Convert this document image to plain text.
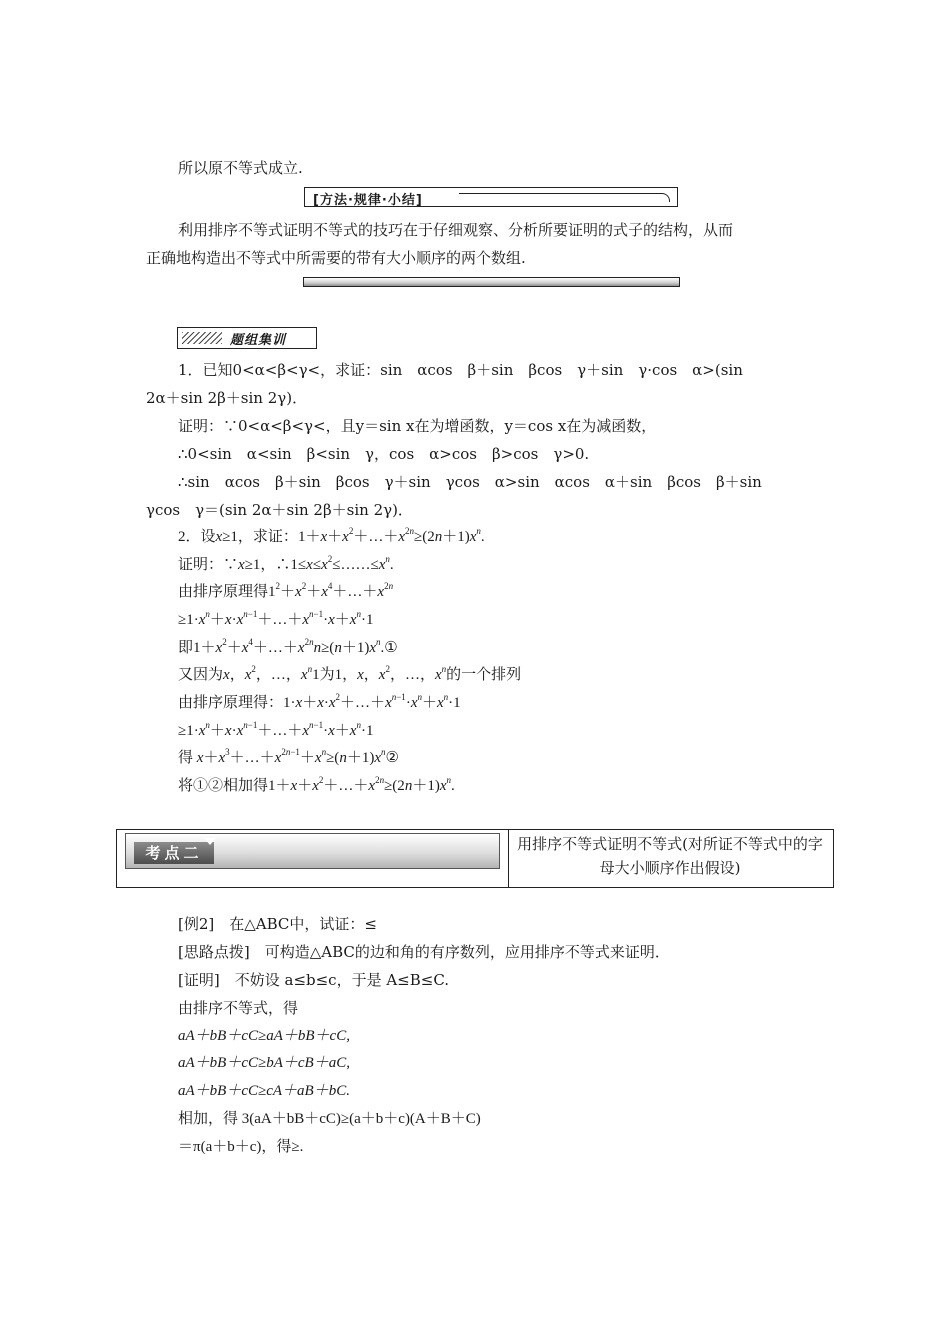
所以原不等式成立.
[方法·规律·小结]
利用排序不等式证明不等式的技巧在于仔细观察、分析所要证明的式子的结构，从而
正确地构造出不等式中所需要的带有大小顺序的两个数组.
题组集训
1．已知0<α<β<γ<，求证：sin　αcos　β＋sin　βcos　γ＋sin　γ·cos　α>(sin
2α＋sin 2β＋sin 2γ)．
证明：∵0<α<β<γ<，且y＝sin x在为增函数，y＝cos x在为减函数，
∴0<sin　α<sin　β<sin　γ，cos　α>cos　β>cos　γ>0.
∴sin　αcos　β＋sin　βcos　γ＋sin　γcos　α>sin　αcos　α＋sin　βcos　β＋sin
γcos　γ＝(sin 2α＋sin 2β＋sin 2γ)．
2．设x≥1，求证：$1+x+x^2+\dots+x^{2n}\ge(2n+1)x^n$.
证明：∵x≥1，$\therefore 1\le x\le x^2\le\dots\dots\le x^n$.
由排序原理得$1^2+x^2+x^4+\dots+x^{2n}$
$\ge 1\cdot x^n+x\cdot x^{n-1}+\dots+x^{n-1}\cdot x+x^n\cdot 1$
即$1+x^2+x^4+\dots+x^{2n}n\ge(n+1)x^n.①$
又因为x，$x^2$，…，$x^n1$为1，x，$x^2$，…，$x^n$的一个排列
由排序原理得：$1\cdot x+x\cdot x^2+\dots+x^{n-1}\cdot x^n+x^n\cdot 1$
$\ge 1\cdot x^n+x\cdot x^{n-1}+\dots+x^{n-1}\cdot x+x^n\cdot 1$
得 $x+x^3+\dots+x^{2n-1}+x^n\ge(n+1)x^n②$
将①②相加得$1+x+x^2+\dots+x^{2n}\ge(2n+1)x^n$.
考点二	用排序不等式证明不等式(对所证不等式中的字母大小顺序作出假设)
[例2]　 在△ABC中，试证：≤
[思路点拨]　 可构造△ABC的边和角的有序数列，应用排序不等式来证明．
[证明]　 不妨设 a≤b≤c，于是 A≤B≤C.
由排序不等式，得
aA＋bB＋cC≥aA＋bB＋cC,
aA＋bB＋cC≥bA＋cB＋aC,
aA＋bB＋cC≥cA＋aB＋bC.
相加，得 3(aA＋bB＋cC)≥(a＋b＋c)(A＋B＋C)
＝π(a＋b＋c)，得≥.
